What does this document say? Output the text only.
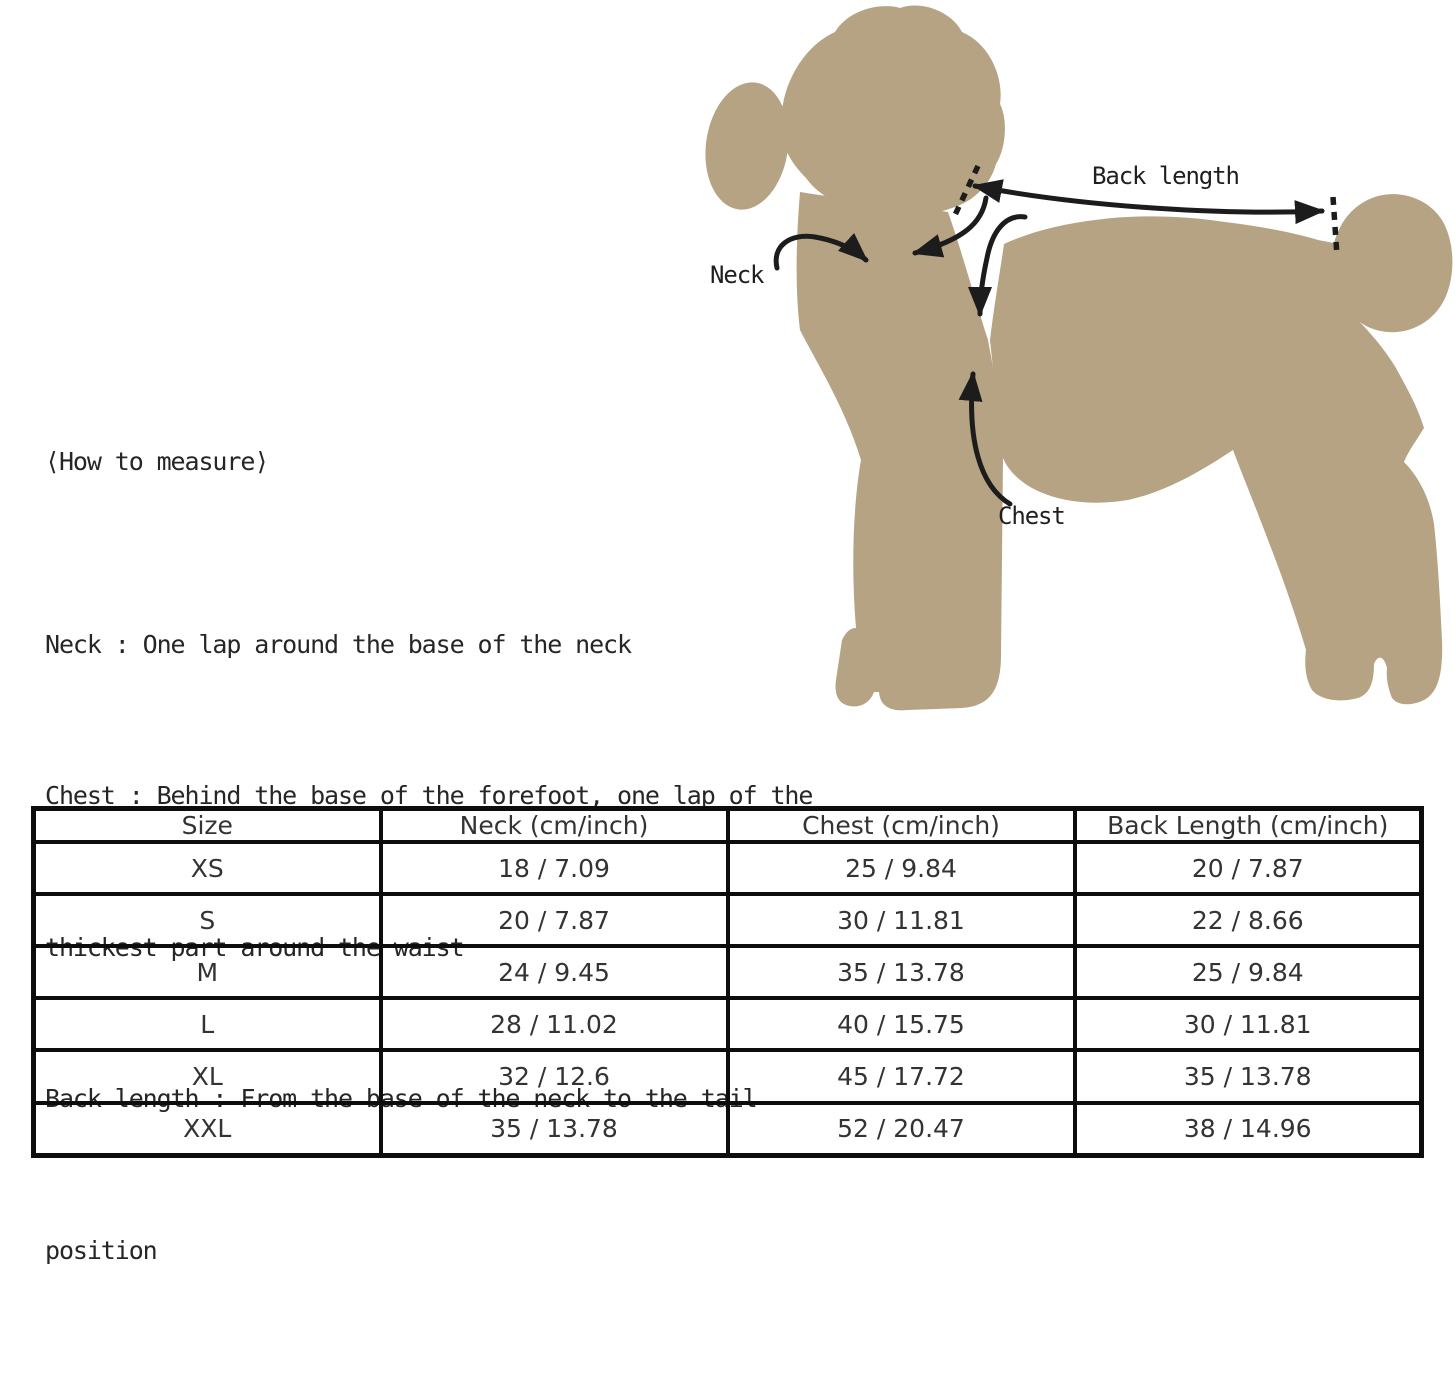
Back length
Neck
Chest

⟨How to measure⟩

Neck : One lap around the base of the neck

Chest : Behind the base of the forefoot, one lap of the

thickest part around the waist

Back length : From the base of the neck to the tail

position

Size	Neck (cm/inch)	Chest (cm/inch)	Back Length (cm/inch)
XS	18 / 7.09	25 / 9.84	20 / 7.87
S	20 / 7.87	30 / 11.81	22 / 8.66
M	24 / 9.45	35 / 13.78	25 / 9.84
L	28 / 11.02	40 / 15.75	30 / 11.81
XL	32 / 12.6	45 / 17.72	35 / 13.78
XXL	35 / 13.78	52 / 20.47	38 / 14.96
